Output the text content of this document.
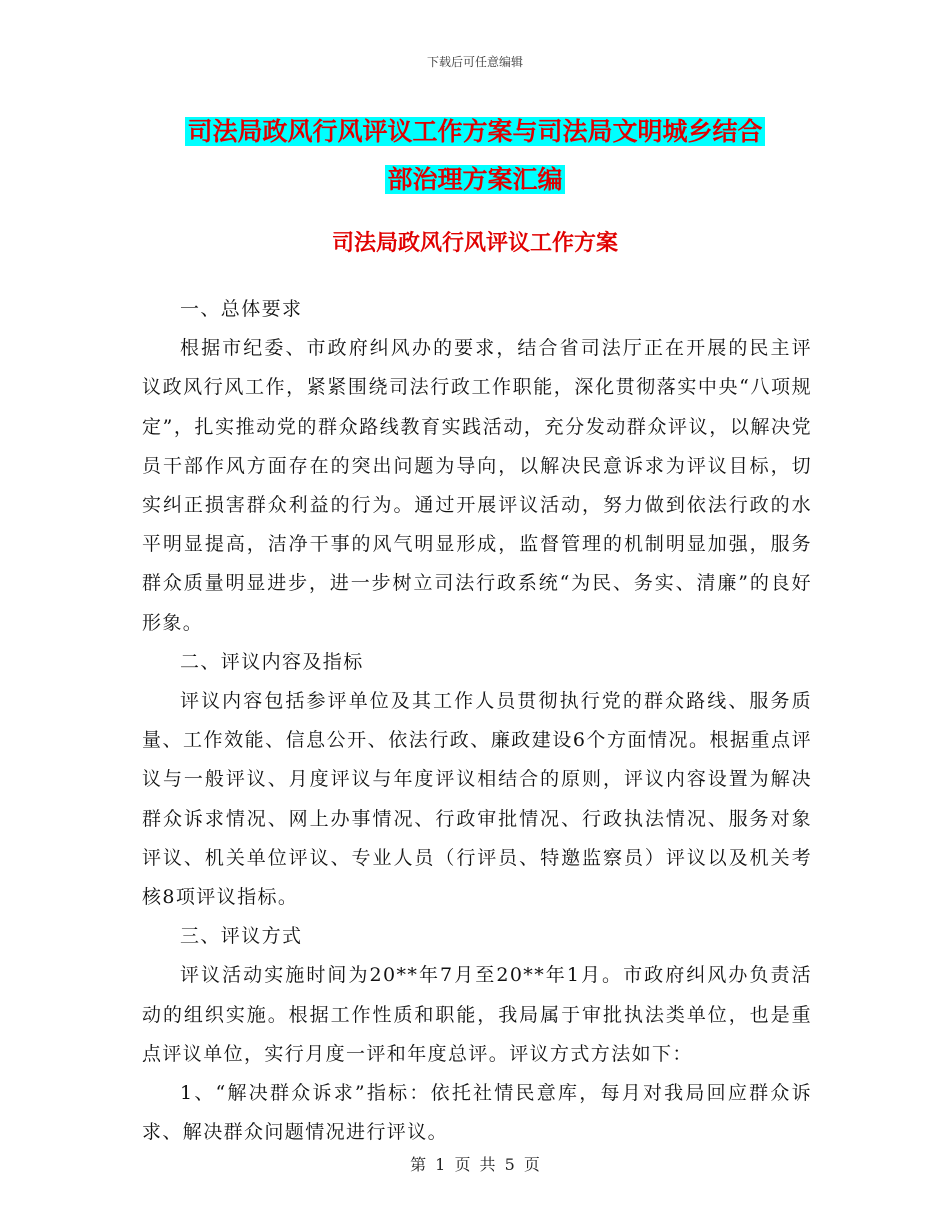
下载后可任意编辑
司法局政风行风评议工作方案与司法局文明城乡结合
部治理方案汇编
司法局政风行风评议工作方案

一、总体要求

根据市纪委、市政府纠风办的要求，结合省司法厅正在开展的民主评议政风行风工作，紧紧围绕司法行政工作职能，深化贯彻落实中央“八项规定”，扎实推动党的群众路线教育实践活动，充分发动群众评议，以解决党员干部作风方面存在的突出问题为导向，以解决民意诉求为评议目标，切实纠正损害群众利益的行为。通过开展评议活动，努力做到依法行政的水平明显提高，洁净干事的风气明显形成，监督管理的机制明显加强，服务群众质量明显进步，进一步树立司法行政系统“为民、务实、清廉”的良好形象。

二、评议内容及指标

评议内容包括参评单位及其工作人员贯彻执行党的群众路线、服务质量、工作效能、信息公开、依法行政、廉政建设6个方面情况。根据重点评议与一般评议、月度评议与年度评议相结合的原则，评议内容设置为解决群众诉求情况、网上办事情况、行政审批情况、行政执法情况、服务对象评议、机关单位评议、专业人员（行评员、特邀监察员）评议以及机关考核8项评议指标。

三、评议方式

评议活动实施时间为20**年7月至20**年1月。市政府纠风办负责活动的组织实施。根据工作性质和职能，我局属于审批执法类单位，也是重点评议单位，实行月度一评和年度总评。评议方式方法如下：

1、“解决群众诉求”指标：依托社情民意库，每月对我局回应群众诉求、解决群众问题情况进行评议。

第 1 页 共 5 页
